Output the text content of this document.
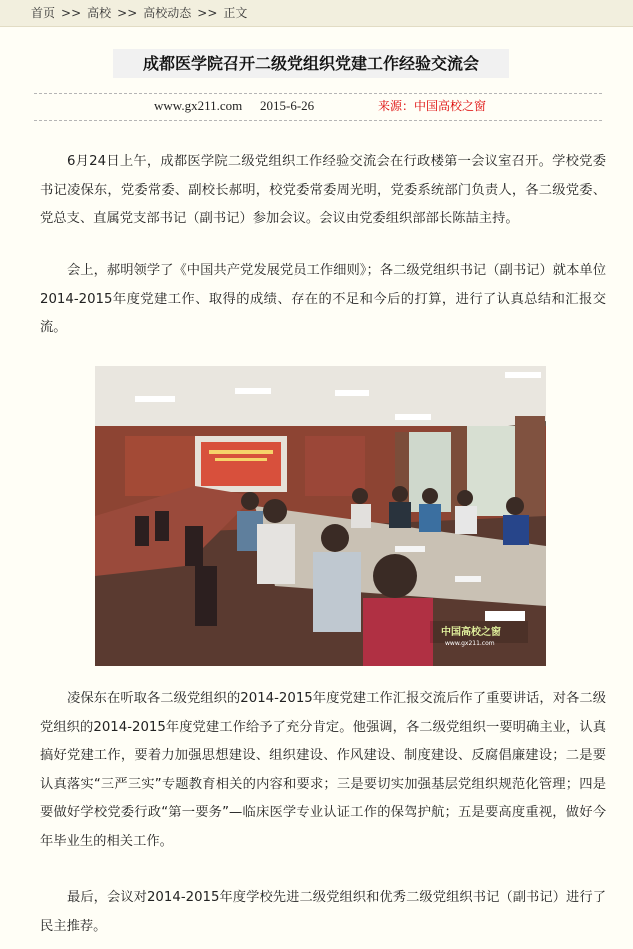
首页 >> 高校 >> 高校动态 >> 正文
成都医学院召开二级党组织党建工作经验交流会
www.gx211.com 2015-6-26	来源：中国高校之窗

6月24日上午，成都医学院二级党组织工作经验交流会在行政楼第一会议室召开。学校党委书记凌保东，党委常委、副校长郝明，校党委常委周光明，党委系统部门负责人，各二级党委、党总支、直属党支部书记（副书记）参加会议。会议由党委组织部部长陈喆主持。

会上，郝明领学了《中国共产党发展党员工作细则》；各二级党组织书记（副书记）就本单位2014-2015年度党建工作、取得的成绩、存在的不足和今后的打算，进行了认真总结和汇报交流。

中国高校之窗
www.gx211.com

凌保东在听取各二级党组织的2014-2015年度党建工作汇报交流后作了重要讲话，对各二级党组织的2014-2015年度党建工作给予了充分肯定。他强调，各二级党组织一要明确主业，认真搞好党建工作，要着力加强思想建设、组织建设、作风建设、制度建设、反腐倡廉建设；二是要认真落实“三严三实”专题教育相关的内容和要求；三是要切实加强基层党组织规范化管理；四是要做好学校党委行政“第一要务”—临床医学专业认证工作的保驾护航；五是要高度重视，做好今年毕业生的相关工作。

最后，会议对2014-2015年度学校先进二级党组织和优秀二级党组织书记（副书记）进行了民主推荐。
